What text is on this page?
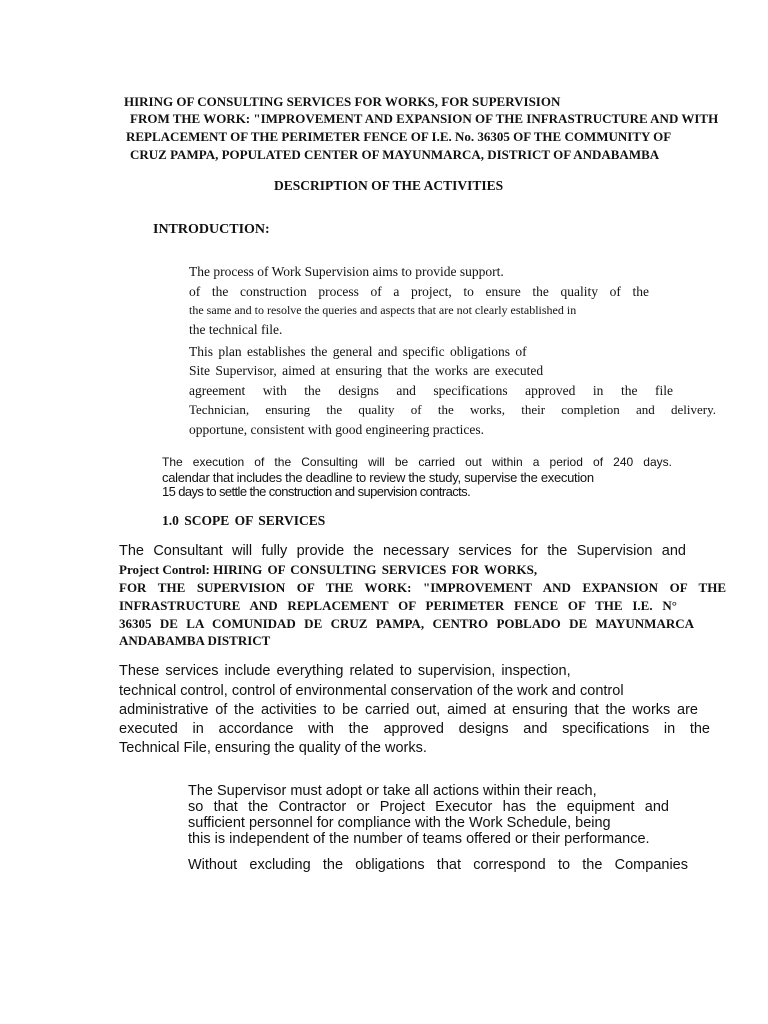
HIRING OF CONSULTING SERVICES FOR WORKS, FOR SUPERVISION
FROM THE WORK: "IMPROVEMENT AND EXPANSION OF THE INFRASTRUCTURE AND WITH
REPLACEMENT OF THE PERIMETER FENCE OF I.E. No. 36305 OF THE COMMUNITY OF
CRUZ PAMPA, POPULATED CENTER OF MAYUNMARCA, DISTRICT OF ANDABAMBA
DESCRIPTION OF THE ACTIVITIES
INTRODUCTION:
The process of Work Supervision aims to provide support.
of the construction process of a project, to ensure the quality of the
the same and to resolve the queries and aspects that are not clearly established in
the technical file.
This plan establishes the general and specific obligations of
Site Supervisor, aimed at ensuring that the works are executed
agreement with the designs and specifications approved in the file
Technician, ensuring the quality of the works, their completion and delivery.
opportune, consistent with good engineering practices.
The execution of the Consulting will be carried out within a period of 240 days.
calendar that includes the deadline to review the study, supervise the execution
15 days to settle the construction and supervision contracts.
1.0 SCOPE OF SERVICES
The Consultant will fully provide the necessary services for the Supervision and
Project Control: HIRING OF CONSULTING SERVICES FOR WORKS,
FOR THE SUPERVISION OF THE WORK: "IMPROVEMENT AND EXPANSION OF THE
INFRASTRUCTURE AND REPLACEMENT OF PERIMETER FENCE OF THE I.E. N°
36305 DE LA COMUNIDAD DE CRUZ PAMPA, CENTRO POBLADO DE MAYUNMARCA
ANDABAMBA DISTRICT
These services include everything related to supervision, inspection,
technical control, control of environmental conservation of the work and control
administrative of the activities to be carried out, aimed at ensuring that the works are
executed in accordance with the approved designs and specifications in the
Technical File, ensuring the quality of the works.
The Supervisor must adopt or take all actions within their reach,
so that the Contractor or Project Executor has the equipment and
sufficient personnel for compliance with the Work Schedule, being
this is independent of the number of teams offered or their performance.
Without excluding the obligations that correspond to the Companies
